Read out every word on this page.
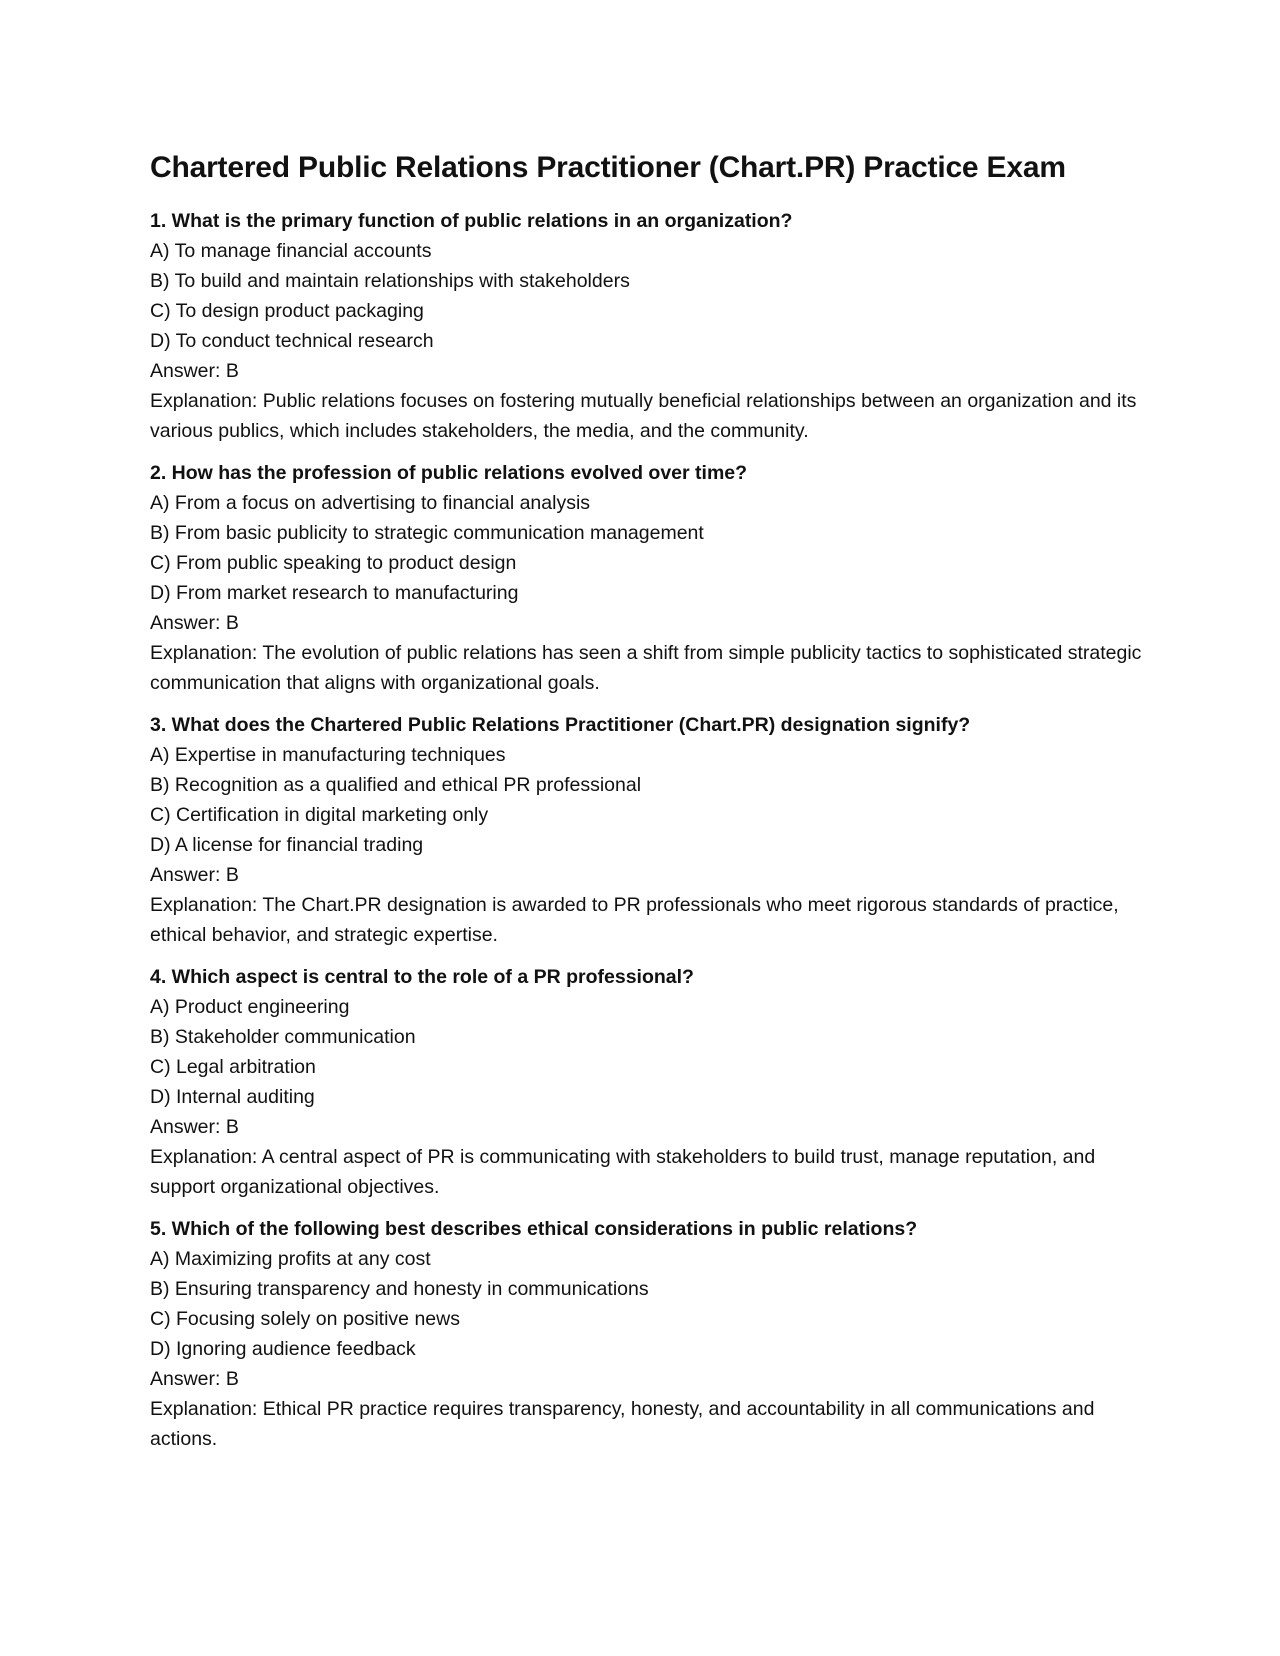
Chartered Public Relations Practitioner (Chart.PR) Practice Exam
1. What is the primary function of public relations in an organization?
A) To manage financial accounts
B) To build and maintain relationships with stakeholders
C) To design product packaging
D) To conduct technical research
Answer: B
Explanation: Public relations focuses on fostering mutually beneficial relationships between an organization and its various publics, which includes stakeholders, the media, and the community.
2. How has the profession of public relations evolved over time?
A) From a focus on advertising to financial analysis
B) From basic publicity to strategic communication management
C) From public speaking to product design
D) From market research to manufacturing
Answer: B
Explanation: The evolution of public relations has seen a shift from simple publicity tactics to sophisticated strategic communication that aligns with organizational goals.
3. What does the Chartered Public Relations Practitioner (Chart.PR) designation signify?
A) Expertise in manufacturing techniques
B) Recognition as a qualified and ethical PR professional
C) Certification in digital marketing only
D) A license for financial trading
Answer: B
Explanation: The Chart.PR designation is awarded to PR professionals who meet rigorous standards of practice, ethical behavior, and strategic expertise.
4. Which aspect is central to the role of a PR professional?
A) Product engineering
B) Stakeholder communication
C) Legal arbitration
D) Internal auditing
Answer: B
Explanation: A central aspect of PR is communicating with stakeholders to build trust, manage reputation, and support organizational objectives.
5. Which of the following best describes ethical considerations in public relations?
A) Maximizing profits at any cost
B) Ensuring transparency and honesty in communications
C) Focusing solely on positive news
D) Ignoring audience feedback
Answer: B
Explanation: Ethical PR practice requires transparency, honesty, and accountability in all communications and actions.
